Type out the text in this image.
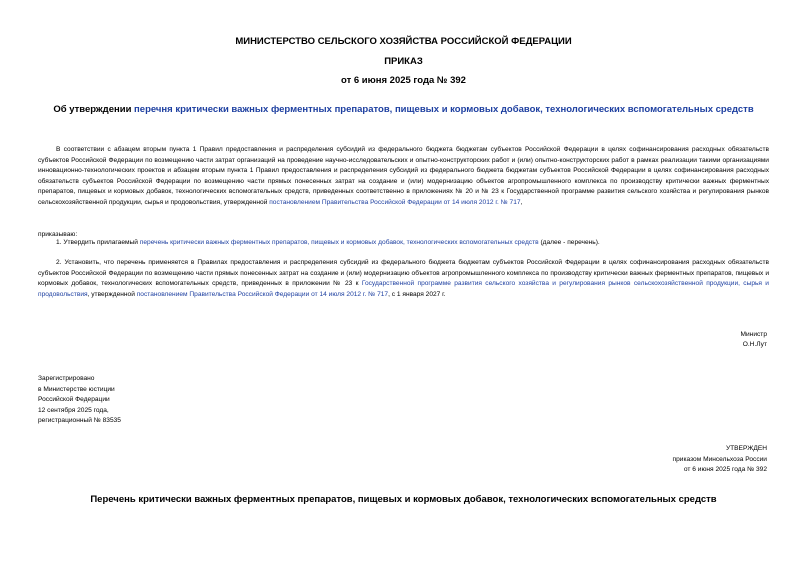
МИНИСТЕРСТВО СЕЛЬСКОГО ХОЗЯЙСТВА РОССИЙСКОЙ ФЕДЕРАЦИИ

ПРИКАЗ

от 6 июня 2025 года № 392

Об утверждении перечня критически важных ферментных препаратов, пищевых и кормовых добавок, технологических вспомогательных средств

В соответствии с абзацем вторым пункта 1 Правил предоставления и распределения субсидий из федерального бюджета бюджетам субъектов Российской Федерации в целях софинансирования расходных обязательств субъектов Российской Федерации по возмещению части затрат организаций на проведение научно-исследовательских и опытно-конструкторских работ и (или) опытно-конструкторских работ в рамках реализации такими организациями инновационно-технологических проектов и абзацем вторым пункта 1 Правил предоставления и распределения субсидий из федерального бюджета бюджетам субъектов Российской Федерации в целях софинансирования расходных обязательств субъектов Российской Федерации по возмещению части прямых понесенных затрат на создание и (или) модернизацию объектов агропромышленного комплекса по производству критически важных ферментных препаратов, пищевых и кормовых добавок, технологических вспомогательных средств, приведенных соответственно в приложениях № 20 и № 23 к Государственной программе развития сельского хозяйства и регулирования рынков сельскохозяйственной продукции, сырья и продовольствия, утвержденной постановлением Правительства Российской Федерации от 14 июля 2012 г. № 717,

приказываю:

1. Утвердить прилагаемый перечень критически важных ферментных препаратов, пищевых и кормовых добавок, технологических вспомогательных средств (далее - перечень).

2. Установить, что перечень применяется в Правилах предоставления и распределения субсидий из федерального бюджета бюджетам субъектов Российской Федерации в целях софинансирования расходных обязательств субъектов Российской Федерации по возмещению части прямых понесенных затрат на создание и (или) модернизацию объектов агропромышленного комплекса по производству критически важных ферментных препаратов, пищевых и кормовых добавок, технологических вспомогательных средств, приведенных в приложении № 23 к Государственной программе развития сельского хозяйства и регулирования рынков сельскохозяйственной продукции, сырья и продовольствия, утвержденной постановлением Правительства Российской Федерации от 14 июля 2012 г. № 717, с 1 января 2027 г.

Министр

О.Н.Лут

Зарегистрировано
в Министерстве юстиции
Российской Федерации
12 сентября 2025 года,
регистрационный № 83535
УТВЕРЖДЕН
приказом Минсельхоза России
от 6 июня 2025 года № 392

Перечень критически важных ферментных препаратов, пищевых и кормовых добавок, технологических вспомогательных средств
